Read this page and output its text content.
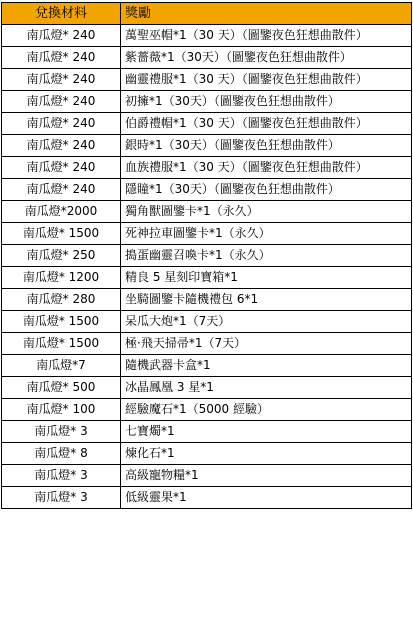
兌換材料	獎勵
南瓜燈* 240	萬聖巫帽*1（30 天）（圖鑒夜色狂想曲散件）
南瓜燈* 240	紫薔薇*1（30天）（圖鑒夜色狂想曲散件）
南瓜燈* 240	幽靈禮服*1（30 天）（圖鑒夜色狂想曲散件）
南瓜燈* 240	初擁*1（30天）（圖鑒夜色狂想曲散件）
南瓜燈* 240	伯爵禮帽*1（30 天）（圖鑒夜色狂想曲散件）
南瓜燈* 240	銀時*1（30天）（圖鑒夜色狂想曲散件）
南瓜燈* 240	血族禮服*1（30 天）（圖鑒夜色狂想曲散件）
南瓜燈* 240	隱瞳*1（30天）（圖鑒夜色狂想曲散件）
南瓜燈*2000	獨角獸圖鑒卡*1（永久）
南瓜燈* 1500	死神拉車圖鑒卡*1（永久）
南瓜燈* 250	搗蛋幽靈召喚卡*1（永久）
南瓜燈* 1200	精良 5 星刻印寶箱*1
南瓜燈* 280	坐騎圖鑒卡隨機禮包 6*1
南瓜燈* 1500	呆瓜大炮*1（7天）
南瓜燈* 1500	極·飛天掃帚*1（7天）
南瓜燈*7	隨機武器卡盒*1
南瓜燈* 500	冰晶鳳凰 3 星*1
南瓜燈* 100	經驗魔石*1（5000 經驗）
南瓜燈* 3	七寶燭*1
南瓜燈* 8	煉化石*1
南瓜燈* 3	高級寵物糧*1
南瓜燈* 3	低級靈果*1
